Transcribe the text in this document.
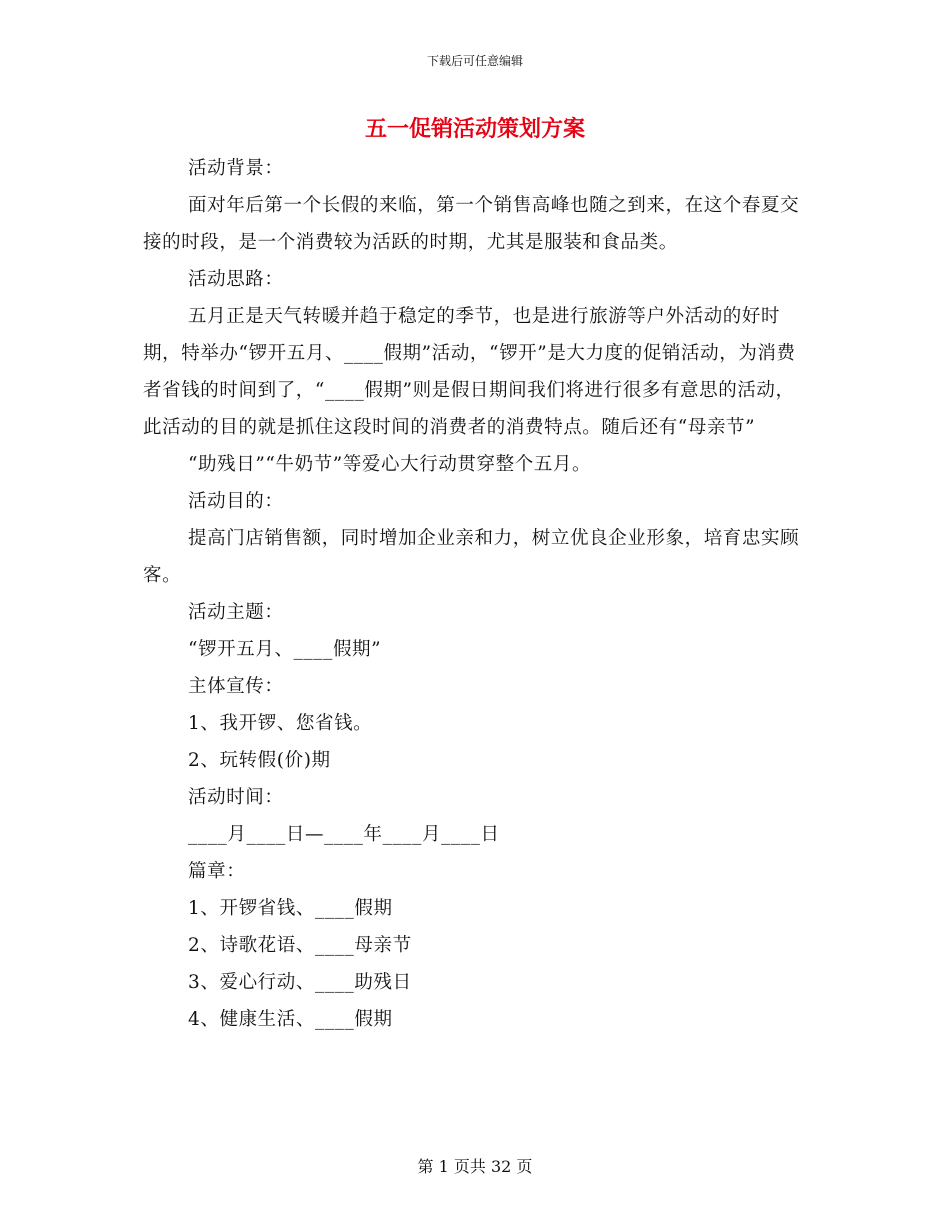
下载后可任意编辑
五一促销活动策划方案

活动背景：

面对年后第一个长假的来临，第一个销售高峰也随之到来，在这个春夏交接的时段，是一个消费较为活跃的时期，尤其是服装和食品类。

活动思路：

五月正是天气转暖并趋于稳定的季节，也是进行旅游等户外活动的好时期，特举办“锣开五月、____假期”活动，“锣开”是大力度的促销活动，为消费者省钱的时间到了，“____假期”则是假日期间我们将进行很多有意思的活动，此活动的目的就是抓住这段时间的消费者的消费特点。随后还有“母亲节”

“助残日”“牛奶节”等爱心大行动贯穿整个五月。

活动目的：

提高门店销售额，同时增加企业亲和力，树立优良企业形象，培育忠实顾客。

活动主题：

“锣开五月、____假期”

主体宣传：

1、我开锣、您省钱。

2、玩转假(价)期

活动时间：

____月____日—____年____月____日

篇章：

1、开锣省钱、____假期

2、诗歌花语、____母亲节

3、爱心行动、____助残日

4、健康生活、____假期

第 1 页共 32 页
